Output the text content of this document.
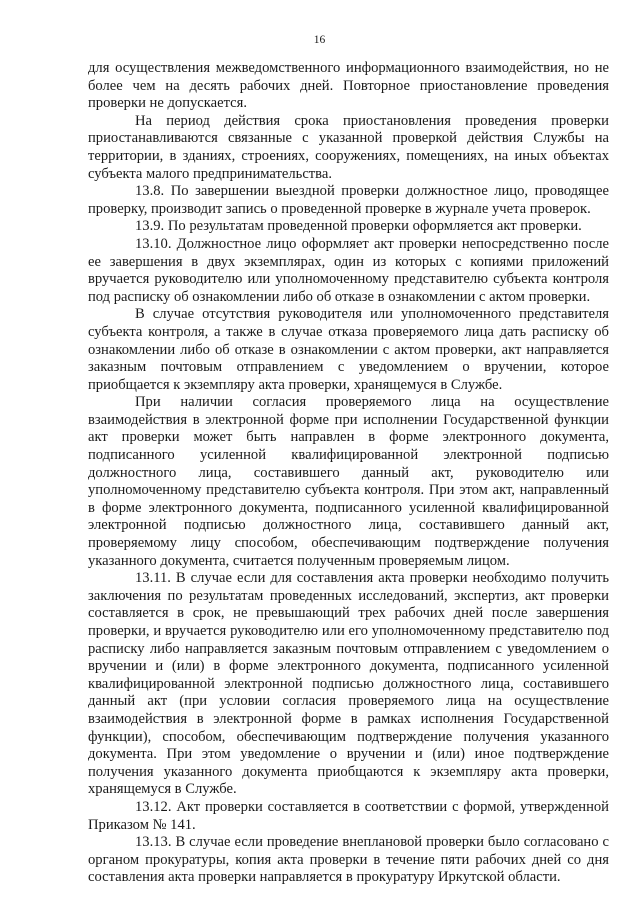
16

для осуществления межведомственного информационного взаимодействия, но не более чем на десять рабочих дней. Повторное приостановление проведения проверки не допускается.

На период действия срока приостановления проведения проверки приостанавливаются связанные с указанной проверкой действия Службы на территории, в зданиях, строениях, сооружениях, помещениях, на иных объектах субъекта малого предпринимательства.

13.8. По завершении выездной проверки должностное лицо, проводящее проверку, производит запись о проведенной проверке в журнале учета проверок.

13.9. По результатам проведенной проверки оформляется акт проверки.

13.10. Должностное лицо оформляет акт проверки непосредственно после ее завершения в двух экземплярах, один из которых с копиями приложений вручается руководителю или уполномоченному представителю субъекта контроля под расписку об ознакомлении либо об отказе в ознакомлении с актом проверки.

В случае отсутствия руководителя или уполномоченного представителя субъекта контроля, а также в случае отказа проверяемого лица дать расписку об ознакомлении либо об отказе в ознакомлении с актом проверки, акт направляется заказным почтовым отправлением с уведомлением о вручении, которое приобщается к экземпляру акта проверки, хранящемуся в Службе.

При наличии согласия проверяемого лица на осуществление взаимодействия в электронной форме при исполнении Государственной функции акт проверки может быть направлен в форме электронного документа, подписанного усиленной квалифицированной электронной подписью должностного лица, составившего данный акт, руководителю или уполномоченному представителю субъекта контроля. При этом акт, направленный в форме электронного документа, подписанного усиленной квалифицированной электронной подписью должностного лица, составившего данный акт, проверяемому лицу способом, обеспечивающим подтверждение получения указанного документа, считается полученным проверяемым лицом.

13.11. В случае если для составления акта проверки необходимо получить заключения по результатам проведенных исследований, экспертиз, акт проверки составляется в срок, не превышающий трех рабочих дней после завершения проверки, и вручается руководителю или его уполномоченному представителю под расписку либо направляется заказным почтовым отправлением с уведомлением о вручении и (или) в форме электронного документа, подписанного усиленной квалифицированной электронной подписью должностного лица, составившего данный акт (при условии согласия проверяемого лица на осуществление взаимодействия в электронной форме в рамках исполнения Государственной функции), способом, обеспечивающим подтверждение получения указанного документа. При этом уведомление о вручении и (или) иное подтверждение получения указанного документа приобщаются к экземпляру акта проверки, хранящемуся в Службе.

13.12. Акт проверки составляется в соответствии с формой, утвержденной Приказом № 141.

13.13. В случае если проведение внеплановой проверки было согласовано с органом прокуратуры, копия акта проверки в течение пяти рабочих дней со дня составления акта проверки направляется в прокуратуру Иркутской области.
